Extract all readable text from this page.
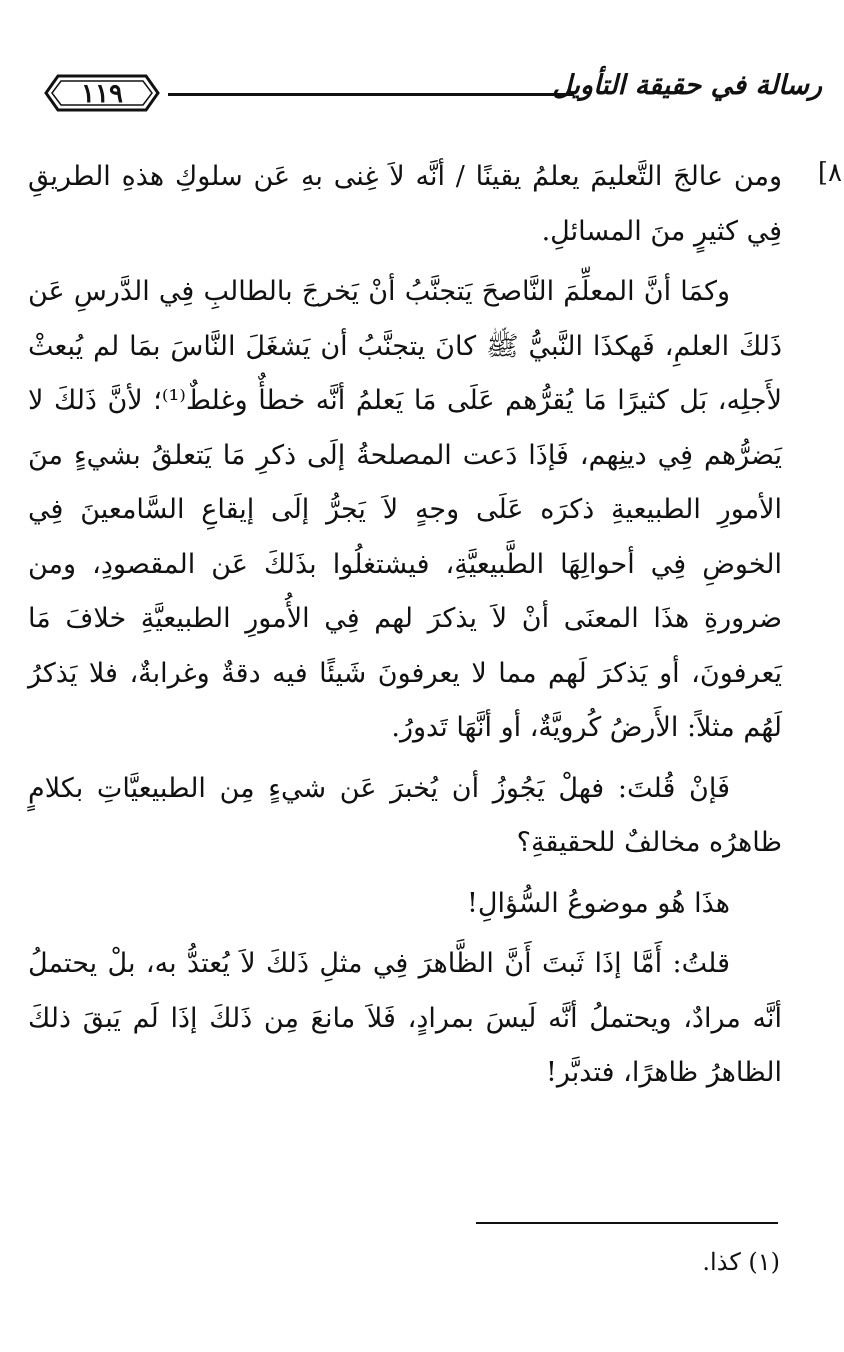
رسالة في حقيقة التأويل
١١٩
[٨

ومن عالجَ التَّعليمَ يعلمُ يقينًا / أنَّه لاَ غِنى بهِ عَن سلوكِ هذهِ الطريقِ فِي كثيرٍ منَ المسائلِ.

وكمَا أنَّ المعلِّمَ النَّاصحَ يَتجنَّبُ أنْ يَخرجَ بالطالبِ فِي الدَّرسِ عَن ذَلكَ العلمِ، فَهكذَا النَّبيُّ ﷺ كانَ يتجنَّبُ أن يَشغَلَ النَّاسَ بمَا لم يُبعثْ لأَجلِه، بَل كثيرًا مَا يُقرُّهم عَلَى مَا يَعلمُ أنَّه خطأٌ وغلطٌ⁽¹⁾؛ لأنَّ ذَلكَ لا يَضرُّهم فِي دينِهم، فَإذَا دَعت المصلحةُ إلَى ذكرِ مَا يَتعلقُ بشيءٍ منَ الأمورِ الطبيعيةِ ذكرَه عَلَى وجهٍ لاَ يَجرُّ إلَى إيقاعِ السَّامعينَ فِي الخوضِ فِي أحوالِهَا الطَّبيعيَّةِ، فيشتغلُوا بذَلكَ عَن المقصودِ، ومن ضرورةِ هذَا المعنَى أنْ لاَ يذكرَ لهم فِي الأُمورِ الطبيعيَّةِ خلافَ مَا يَعرفونَ، أو يَذكرَ لَهم مما لا يعرفونَ شَيئًا فيه دقةٌ وغرابةٌ، فلا يَذكرُ لَهُم مثلاً: الأَرضُ كُرويَّةٌ، أو أنَّهَا تَدورُ.

فَإنْ قُلتَ: فهلْ يَجُوزُ أن يُخبرَ عَن شيءٍ مِن الطبيعيَّاتِ بكلامٍ ظاهرُه مخالفٌ للحقيقةِ؟

هذَا هُو موضوعُ السُّؤالِ!

قلتُ: أَمَّا إذَا ثَبتَ أَنَّ الظَّاهرَ فِي مثلِ ذَلكَ لاَ يُعتدُّ به، بلْ يحتملُ أنَّه مرادٌ، ويحتملُ أنَّه لَيسَ بمرادٍ، فَلاَ مانعَ مِن ذَلكَ إذَا لَم يَبقَ ذلكَ الظاهرُ ظاهرًا، فتدبَّر!

(١) كذا.
